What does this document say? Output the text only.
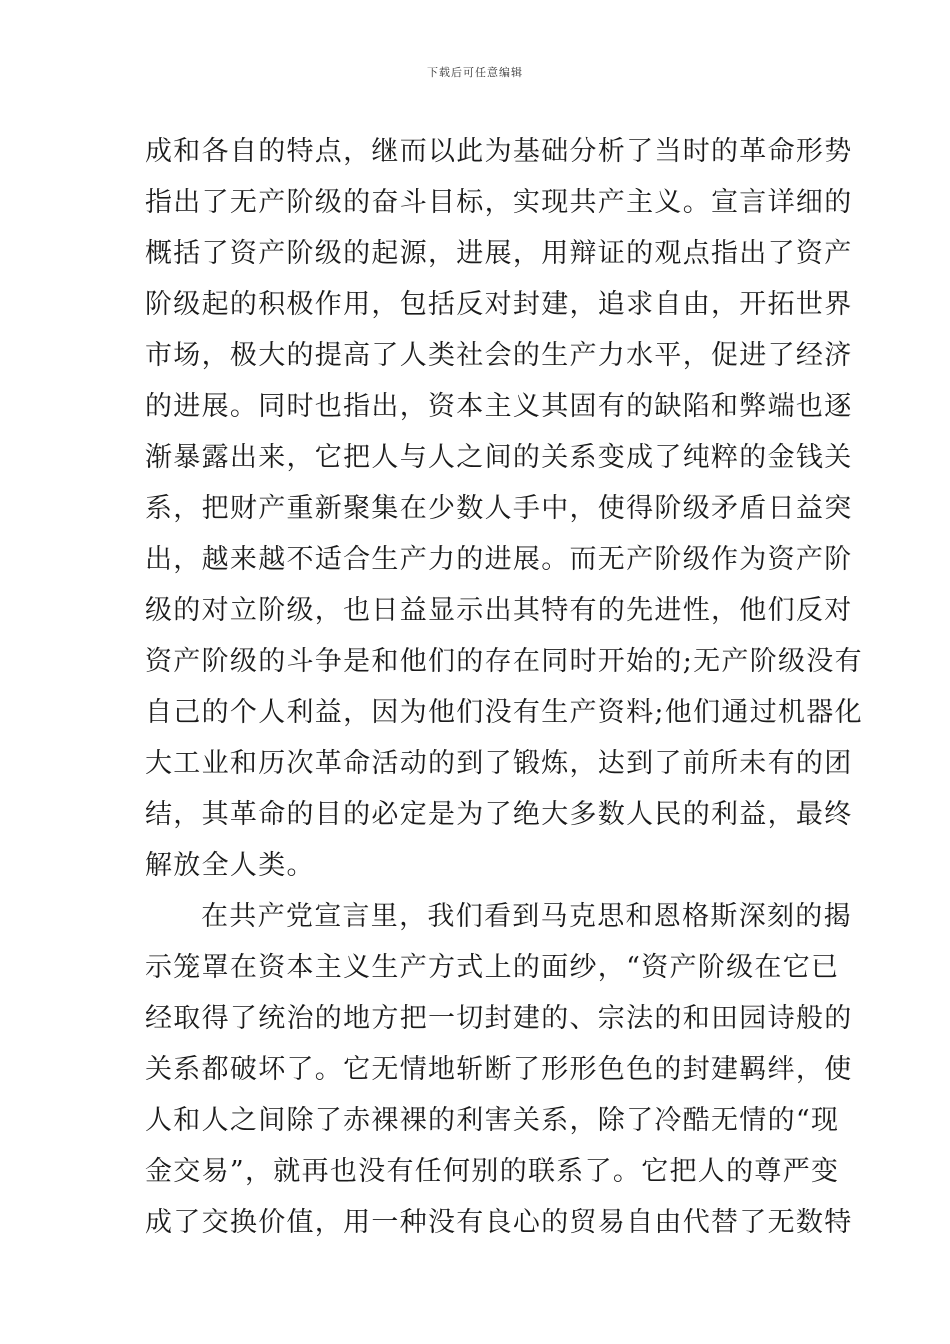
下载后可任意编辑
成和各自的特点，继而以此为基础分析了当时的革命形势
指出了无产阶级的奋斗目标，实现共产主义。宣言详细的
概括了资产阶级的起源，进展，用辩证的观点指出了资产
阶级起的积极作用，包括反对封建，追求自由，开拓世界
市场，极大的提高了人类社会的生产力水平，促进了经济
的进展。同时也指出，资本主义其固有的缺陷和弊端也逐
渐暴露出来，它把人与人之间的关系变成了纯粹的金钱关
系，把财产重新聚集在少数人手中，使得阶级矛盾日益突
出，越来越不适合生产力的进展。而无产阶级作为资产阶
级的对立阶级，也日益显示出其特有的先进性，他们反对
资产阶级的斗争是和他们的存在同时开始的;无产阶级没有
自己的个人利益，因为他们没有生产资料;他们通过机器化
大工业和历次革命活动的到了锻炼，达到了前所未有的团
结，其革命的目的必定是为了绝大多数人民的利益，最终
解放全人类。
在共产党宣言里，我们看到马克思和恩格斯深刻的揭
示笼罩在资本主义生产方式上的面纱，“资产阶级在它已
经取得了统治的地方把一切封建的、宗法的和田园诗般的
关系都破坏了。它无情地斩断了形形色色的封建羁绊，使
人和人之间除了赤裸裸的利害关系，除了冷酷无情的“现
金交易”，就再也没有任何别的联系了。它把人的尊严变
成了交换价值，用一种没有良心的贸易自由代替了无数特
